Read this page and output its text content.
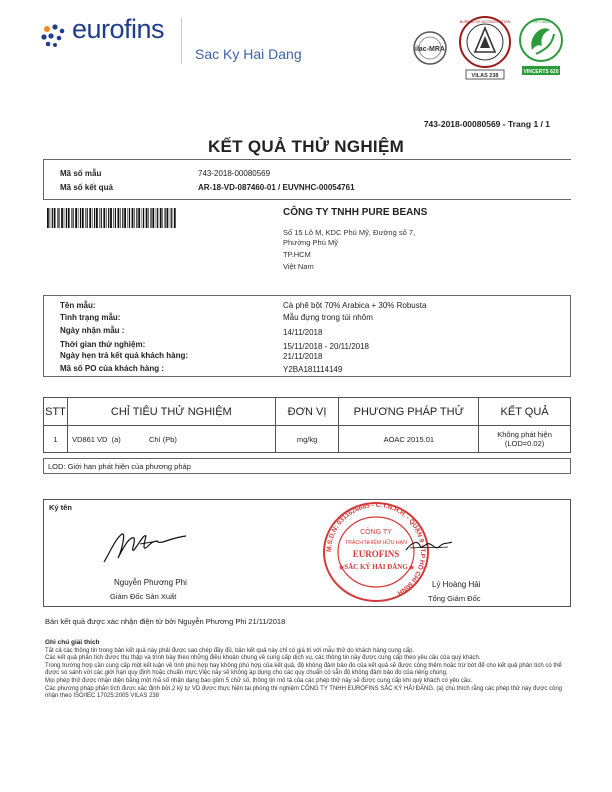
eurofins
Sac Ky Hai Dang	ilac-MRA
BUREAU OF ACCREDITATION
VILAS 238
VIỆT NAM
VINCERTS 620
743-2018-00080569 - Trang 1 / 1
KẾT QUẢ THỬ NGHIỆM
Mã số mẫu	743-2018-00080569
Mã số kết quả	AR-18-VD-087460-01 / EUVNHC-00054761
CÔNG TY TNHH PURE BEANS
Số 15 Lô M, KDC Phú Mỹ, Đường số 7,
Phường Phú Mỹ
TP.HCM
Việt Nam
Tên mẫu:	Cà phê bột 70% Arabica + 30% Robusta
Tình trạng mẫu:	Mẫu đựng trong túi nhôm
Ngày nhận mẫu :	14/11/2018
Thời gian thử nghiệm:	15/11/2018 - 20/11/2018
Ngày hẹn trả kết quả khách hàng:	21/11/2018
Mã số PO của khách hàng :	Y2BA181114149
STT	CHỈ TIÊU THỬ NGHIỆM	ĐƠN VỊ	PHƯƠNG PHÁP THỬ	KẾT QUẢ
1	VD861 VD (a) Chì (Pb)	mg/kg	AOAC 2015.01	Không phát hiện
(LOD=0.02)
LOD: Giới hạn phát hiện của phương pháp
Ký tên
Nguyễn Phương Phi
Giám Đốc Sản Xuất
M.S.D.N: 0311626685 - C.T.N.H.H. - QUẬN 9 - T.P HỒ CHÍ MINH
CÔNG TY
TRÁCH NHIỆM HỮU HẠN
EUROFINS
SẮC KÝ HẢI ĐĂNG
★	★
Lý Hoàng Hải
Tổng Giám Đốc
Bản kết quả được xác nhận điện tử bởi Nguyễn Phương Phi 21/11/2018
Ghi chú giải thích
Tất cả các thông tin trong bản kết quả này phải được sao chép đầy đủ, bản kết quả này chỉ có giá trị với mẫu thử do khách hàng cung cấp.
Các kết quả phân tích được thu thập và trình bày theo những điều khoản chung về cung cấp dịch vụ, các thông tin này được cung cấp theo yêu cầu của quý khách.
Trong trường hợp cần cung cấp một kết luận về tính phù hợp hay không phù hợp của kết quả, độ không đảm bảo đo của kết quả sẽ được công thêm hoặc trừ bớt để cho kết quả phân tích có thể được so sánh với các giới hạn quy định hoặc chuẩn mực.Việc này sẽ không áp dụng cho các quy chuẩn có sẵn độ không đảm bảo đo của riêng chúng.
Mọi phép thử được nhận diện bằng một mã số nhận dạng bao gồm 5 chữ số, thông tin mô tả của các phép thử này sẽ được cung cấp khi quý khách có yêu cầu.
Các phương pháp phân tích được xác định bởi 2 ký tự VD được thực hiện tại phòng thí nghiệm CÔNG TY TNHH EUROFINS SẮC KÝ HẢI ĐĂNG. (a) chú thích rằng các phép thử này được công nhận theo ISO/IEC 17025:2005 VILAS 238
